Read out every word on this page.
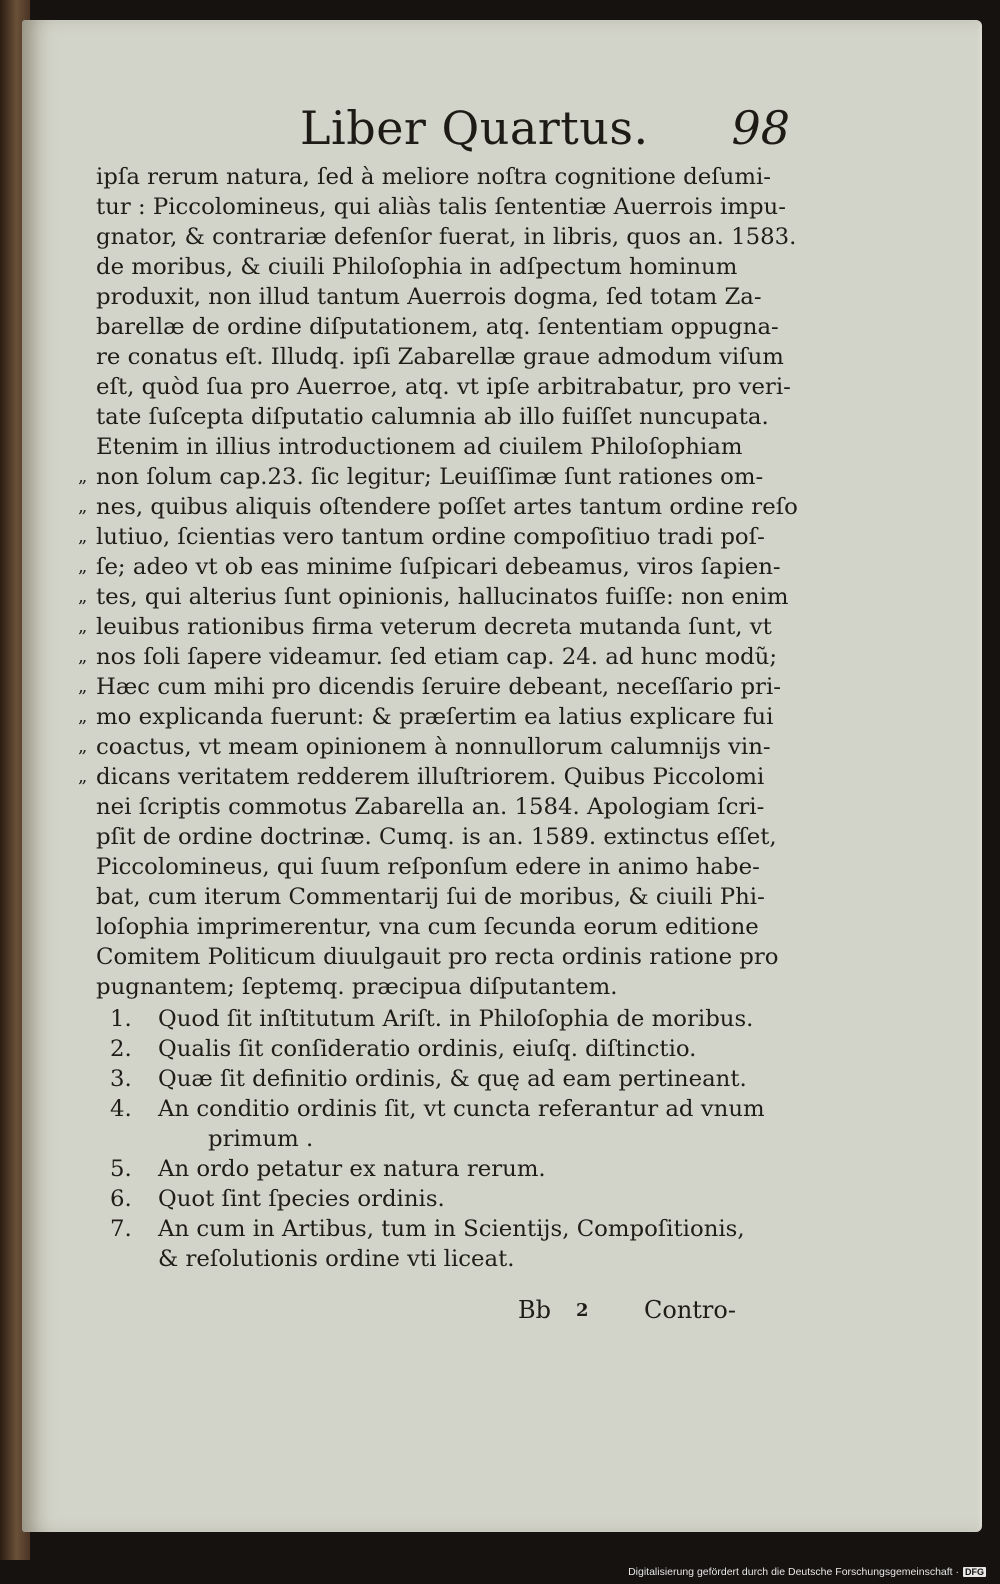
Liber Quartus. 98
ipſa rerum natura, ſed à meliore noſtra cognitione deſumi-
tur : Piccolomineus, qui aliàs talis ſententiæ Auerrois impu-
gnator, & contrariæ defenſor fuerat, in libris, quos an. 1583.
de moribus, & ciuili Philoſophia in adſpectum hominum
produxit, non illud tantum Auerrois dogma, ſed totam Za-
barellæ de ordine diſputationem, atq. ſententiam oppugna-
re conatus eſt. Illudq. ipſi Zabarellæ graue admodum viſum
eſt, quòd ſua pro Auerroe, atq. vt ipſe arbitrabatur, pro veri-
tate ſuſcepta diſputatio calumnia ab illo fuiſſet nuncupata.
Etenim in illius introductionem ad ciuilem Philoſophiam
„ non ſolum cap.23. ſic legitur; Leuiſſimæ ſunt rationes om-
„ nes, quibus aliquis oſtendere poſſet artes tantum ordine reſo
„ lutiuo, ſcientias vero tantum ordine compoſitiuo tradi poſ-
„ ſe; adeo vt ob eas minime ſuſpicari debeamus, viros ſapien-
„ tes, qui alterius ſunt opinionis, hallucinatos fuiſſe: non enim
„ leuibus rationibus firma veterum decreta mutanda ſunt, vt
„ nos ſoli ſapere videamur. ſed etiam cap. 24. ad hunc modũ;
„ Hæc cum mihi pro dicendis ſeruire debeant, neceſſario pri-
„ mo explicanda fuerunt: & præſertim ea latius explicare fui
„ coactus, vt meam opinionem à nonnullorum calumnijs vin-
„ dicans veritatem redderem illuſtriorem. Quibus Piccolomi
nei ſcriptis commotus Zabarella an. 1584. Apologiam ſcri-
pſit de ordine doctrinæ. Cumq. is an. 1589. extinctus eſſet,
Piccolomineus, qui ſuum reſponſum edere in animo habe-
bat, cum iterum Commentarij ſui de moribus, & ciuili Phi-
loſophia imprimerentur, vna cum ſecunda eorum editione
Comitem Politicum diuulgauit pro recta ordinis ratione pro
pugnantem; ſeptemq. præcipua diſputantem.
1.	Quod ſit inſtitutum Ariſt. in Philoſophia de moribus.
2.	Qualis ſit conſideratio ordinis, eiuſq. diſtinctio.
3.	Quæ ſit definitio ordinis, & quę ad eam pertineant.
4.	An conditio ordinis ſit, vt cuncta referantur ad vnum
primum .
5.	An ordo petatur ex natura rerum.
6.	Quot ſint ſpecies ordinis.
7.	An cum in Artibus, tum in Scientijs, Compoſitionis,
& reſolutionis ordine vti liceat.
Bb 2 Contro-
Digitalisierung gefördert durch die Deutsche Forschungsgemeinschaft · DFG
